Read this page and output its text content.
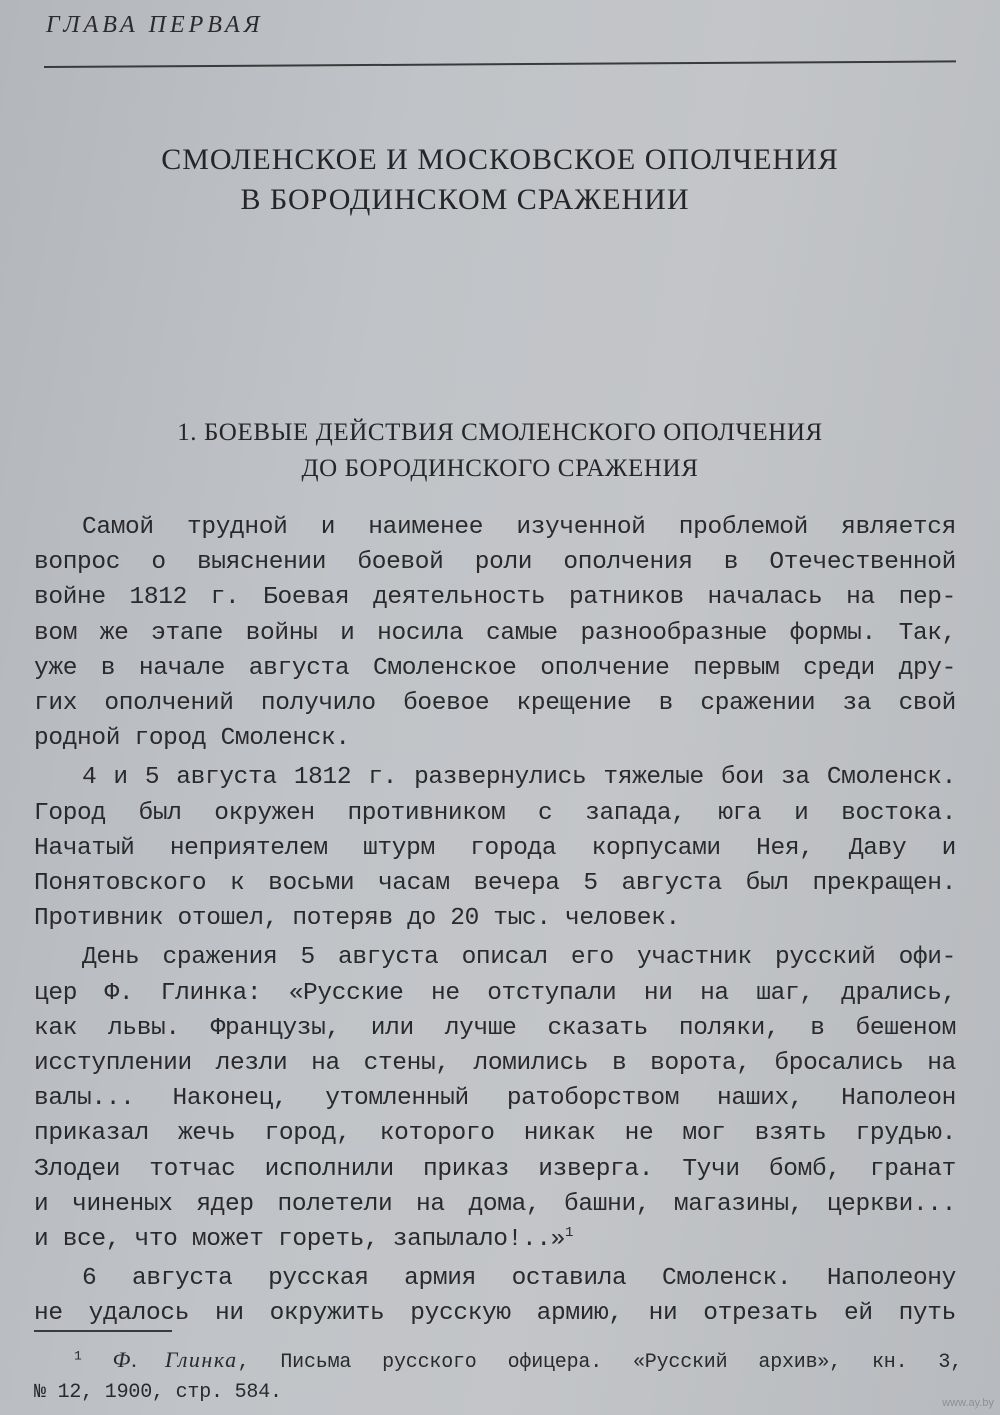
ГЛАВА ПЕРВАЯ
СМОЛЕНСКОЕ И МОСКОВСКОЕ ОПОЛЧЕНИЯ
В БОРОДИНСКОМ СРАЖЕНИИ
1. БОЕВЫЕ ДЕЙСТВИЯ СМОЛЕНСКОГО ОПОЛЧЕНИЯ
ДО БОРОДИНСКОГО СРАЖЕНИЯ

Самой трудной и наименее изученной проблемой является
вопрос о выяснении боевой роли ополчения в Отечественной
войне 1812 г. Боевая деятельность ратников началась на пер-
вом же этапе войны и носила самые разнообразные формы. Так,
уже в начале августа Смоленское ополчение первым среди дру-
гих ополчений получило боевое крещение в сражении за свой
родной город Смоленск.

4 и 5 августа 1812 г. развернулись тяжелые бои за Смоленск.
Город был окружен противником с запада, юга и востока.
Начатый неприятелем штурм города корпусами Нея, Даву и
Понятовского к восьми часам вечера 5 августа был прекращен.
Противник отошел, потеряв до 20 тыс. человек.

День сражения 5 августа описал его участник русский офи-
цер Ф. Глинка: «Русские не отступали ни на шаг, дрались,
как львы. Французы, или лучше сказать поляки, в бешеном
исступлении лезли на стены, ломились в ворота, бросались на
валы... Наконец, утомленный ратоборством наших, Наполеон
приказал жечь город, которого никак не мог взять грудью.
Злодеи тотчас исполнили приказ изверга. Тучи бомб, гранат
и чиненых ядер полетели на дома, башни, магазины, церкви...
и все, что может гореть, запылало!..»$^1$

6 августа русская армия оставила Смоленск. Наполеону
не удалось ни окружить русскую армию, ни отрезать ей путь

$^1$ Ф. Глинка, Письма русского офицера. «Русский архив», кн. 3,
№ 12, 1900, стр. 584.	www.ay.by
